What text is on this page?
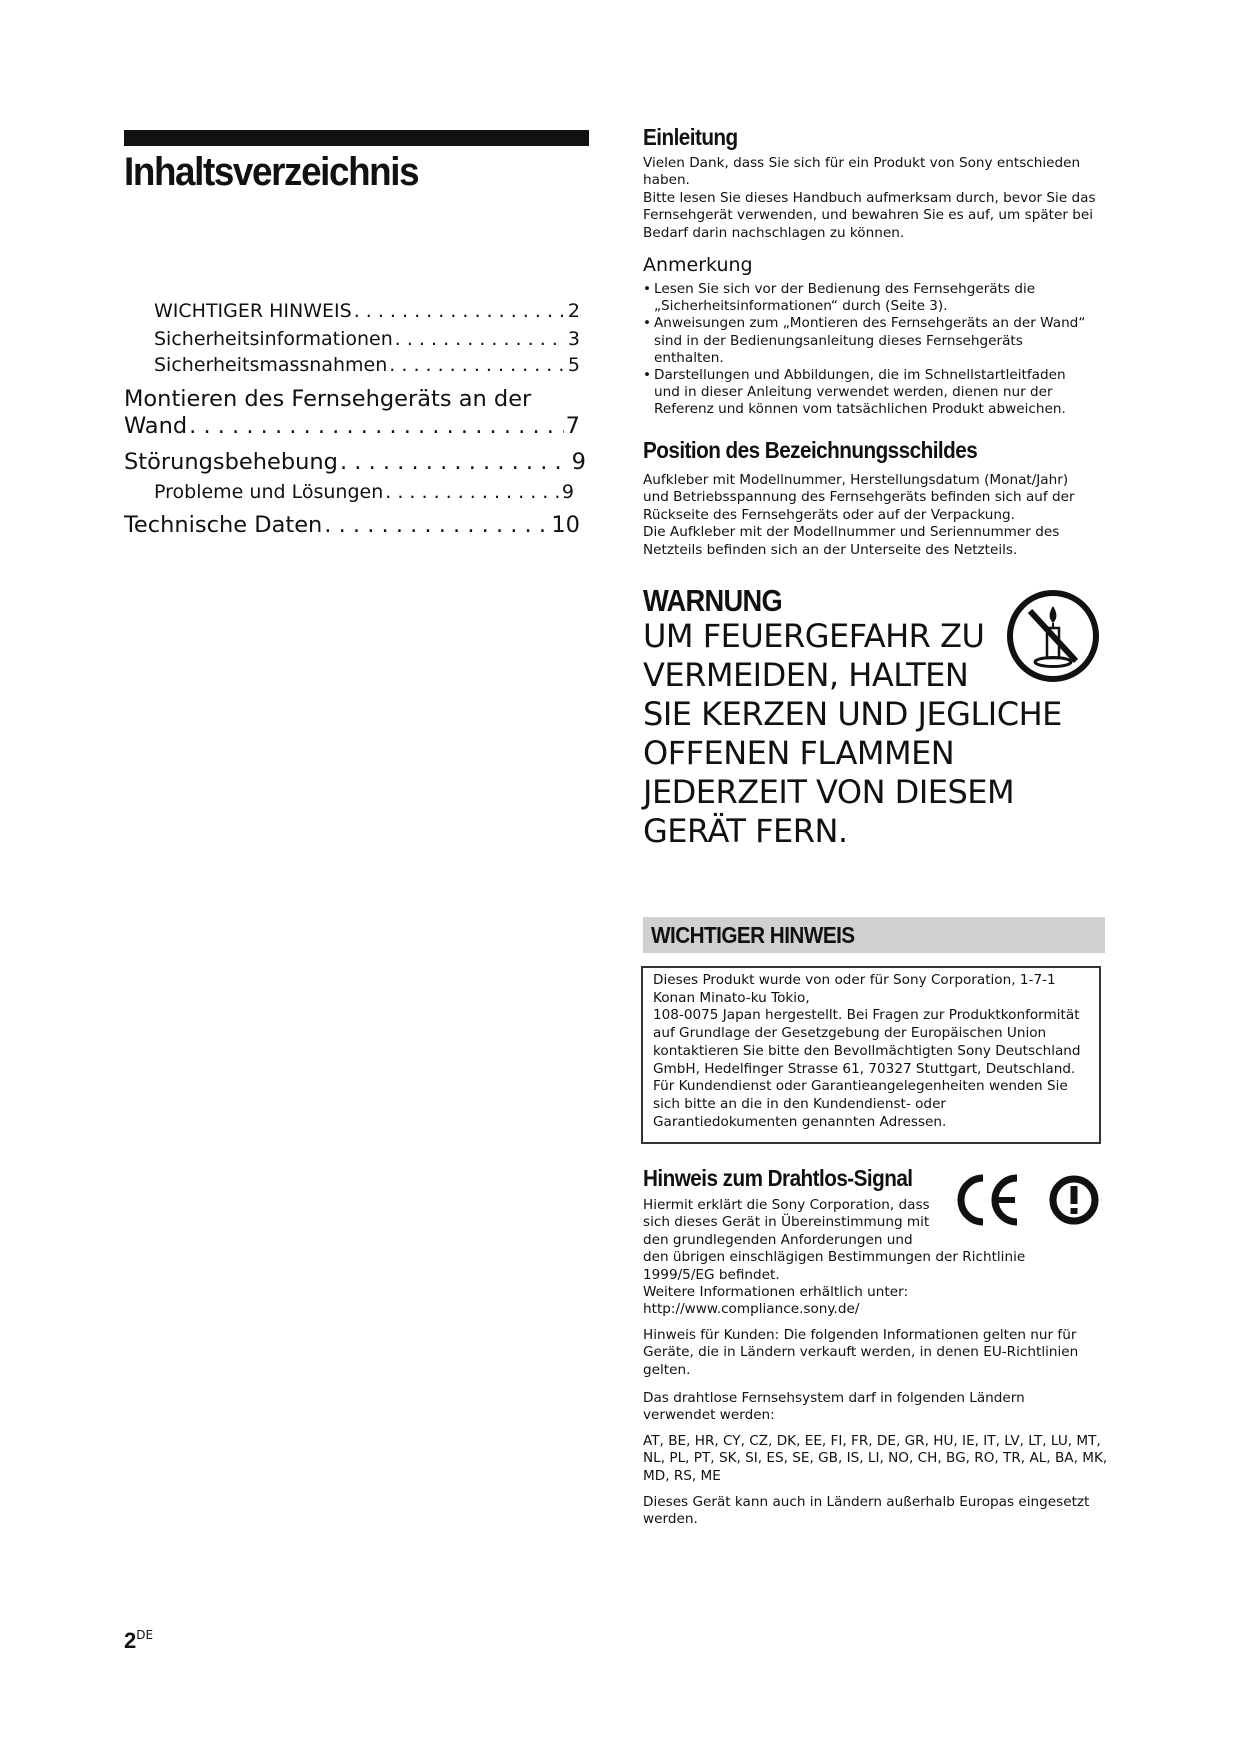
Inhaltsverzeichnis
WICHTIGER HINWEIS . . .	2
Sicherheitsinformationen . . .	3
Sicherheitsmassnahmen . . .	5
Montieren des Fernsehgeräts an der
Wand . . .	7
Störungsbehebung . . .	9
Probleme und Lösungen . . .	9
Technische Daten . . .	10
Einleitung
Vielen Dank, dass Sie sich für ein Produkt von Sony entschieden
haben.
Bitte lesen Sie dieses Handbuch aufmerksam durch, bevor Sie das
Fernsehgerät verwenden, und bewahren Sie es auf, um später bei
Bedarf darin nachschlagen zu können.
Anmerkung
• Lesen Sie sich vor der Bedienung des Fernsehgeräts die
„Sicherheitsinformationen“ durch (Seite 3).
• Anweisungen zum „Montieren des Fernsehgeräts an der Wand“
sind in der Bedienungsanleitung dieses Fernsehgeräts
enthalten.
• Darstellungen und Abbildungen, die im Schnellstartleitfaden
und in dieser Anleitung verwendet werden, dienen nur der
Referenz und können vom tatsächlichen Produkt abweichen.
Position des Bezeichnungsschildes
Aufkleber mit Modellnummer, Herstellungsdatum (Monat/Jahr)
und Betriebsspannung des Fernsehgeräts befinden sich auf der
Rückseite des Fernsehgeräts oder auf der Verpackung.
Die Aufkleber mit der Modellnummer und Seriennummer des
Netzteils befinden sich an der Unterseite des Netzteils.
WARNUNG
UM FEUERGEFAHR ZU
VERMEIDEN, HALTEN
SIE KERZEN UND JEGLICHE
OFFENEN FLAMMEN
JEDERZEIT VON DIESEM
GERÄT FERN.
WICHTIGER HINWEIS
Dieses Produkt wurde von oder für Sony Corporation, 1-7-1
Konan Minato-ku Tokio,
108-0075 Japan hergestellt. Bei Fragen zur Produktkonformität
auf Grundlage der Gesetzgebung der Europäischen Union
kontaktieren Sie bitte den Bevollmächtigten Sony Deutschland
GmbH, Hedelfinger Strasse 61, 70327 Stuttgart, Deutschland.
Für Kundendienst oder Garantieangelegenheiten wenden Sie
sich bitte an die in den Kundendienst- oder
Garantiedokumenten genannten Adressen.
Hinweis zum Drahtlos-Signal
Hiermit erklärt die Sony Corporation, dass
sich dieses Gerät in Übereinstimmung mit
den grundlegenden Anforderungen und
den übrigen einschlägigen Bestimmungen der Richtlinie
1999/5/EG befindet.
Weitere Informationen erhältlich unter:
http://www.compliance.sony.de/
Hinweis für Kunden: Die folgenden Informationen gelten nur für
Geräte, die in Ländern verkauft werden, in denen EU-Richtlinien
gelten.
Das drahtlose Fernsehsystem darf in folgenden Ländern
verwendet werden:
AT, BE, HR, CY, CZ, DK, EE, FI, FR, DE, GR, HU, IE, IT, LV, LT, LU, MT,
NL, PL, PT, SK, SI, ES, SE, GB, IS, LI, NO, CH, BG, RO, TR, AL, BA, MK,
MD, RS, ME
Dieses Gerät kann auch in Ländern außerhalb Europas eingesetzt
werden.
2DE
